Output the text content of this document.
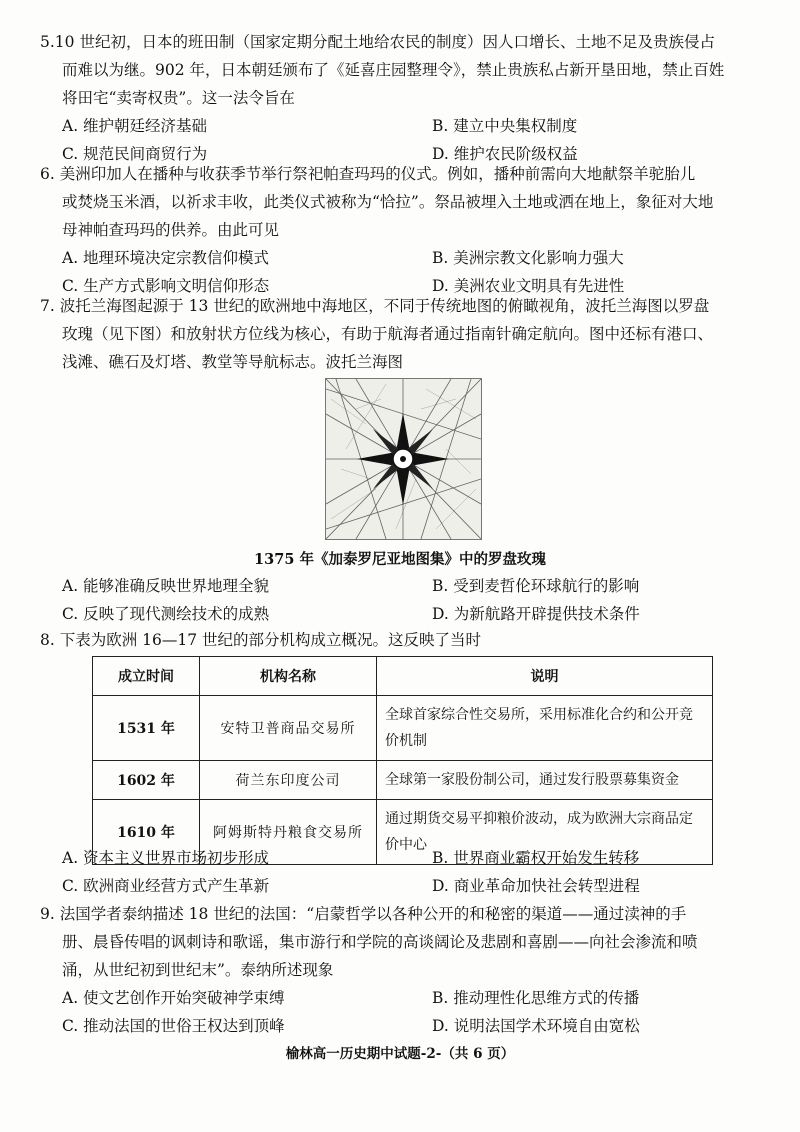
5.10 世纪初，日本的班田制（国家定期分配土地给农民的制度）因人口增长、土地不足及贵族侵占
而难以为继。902 年，日本朝廷颁布了《延喜庄园整理令》，禁止贵族私占新开垦田地，禁止百姓
将田宅“卖寄权贵”。这一法令旨在

A. 维护朝廷经济基础	B. 建立中央集权制度
C. 规范民间商贸行为	D. 维护农民阶级权益

6. 美洲印加人在播种与收获季节举行祭祀帕查玛玛的仪式。例如，播种前需向大地献祭羊驼胎儿
或焚烧玉米酒，以祈求丰收，此类仪式被称为“恰拉”。祭品被埋入土地或洒在地上，象征对大地
母神帕查玛玛的供养。由此可见

A. 地理环境决定宗教信仰模式	B. 美洲宗教文化影响力强大
C. 生产方式影响文明信仰形态	D. 美洲农业文明具有先进性

7. 波托兰海图起源于 13 世纪的欧洲地中海地区，不同于传统地图的俯瞰视角，波托兰海图以罗盘
玫瑰（见下图）和放射状方位线为核心，有助于航海者通过指南针确定航向。图中还标有港口、
浅滩、礁石及灯塔、教堂等导航标志。波托兰海图

1375 年《加泰罗尼亚地图集》中的罗盘玫瑰
A. 能够准确反映世界地理全貌	B. 受到麦哲伦环球航行的影响
C. 反映了现代测绘技术的成熟	D. 为新航路开辟提供技术条件

8. 下表为欧洲 16—17 世纪的部分机构成立概况。这反映了当时

成立时间	机构名称	说明
1531 年	安特卫普商品交易所	全球首家综合性交易所，采用标准化合约和公开竞价机制
1602 年	荷兰东印度公司	全球第一家股份制公司，通过发行股票募集资金
1610 年	阿姆斯特丹粮食交易所	通过期货交易平抑粮价波动，成为欧洲大宗商品定价中心
A. 资本主义世界市场初步形成	B. 世界商业霸权开始发生转移
C. 欧洲商业经营方式产生革新	D. 商业革命加快社会转型进程

9. 法国学者泰纳描述 18 世纪的法国：“启蒙哲学以各种公开的和秘密的渠道——通过渎神的手
册、晨昏传唱的讽刺诗和歌谣，集市游行和学院的高谈阔论及悲剧和喜剧——向社会渗流和喷
涌，从世纪初到世纪末”。泰纳所述现象

A. 使文艺创作开始突破神学束缚	B. 推动理性化思维方式的传播
C. 推动法国的世俗王权达到顶峰	D. 说明法国学术环境自由宽松
榆林高一历史期中试题-2-（共 6 页）
